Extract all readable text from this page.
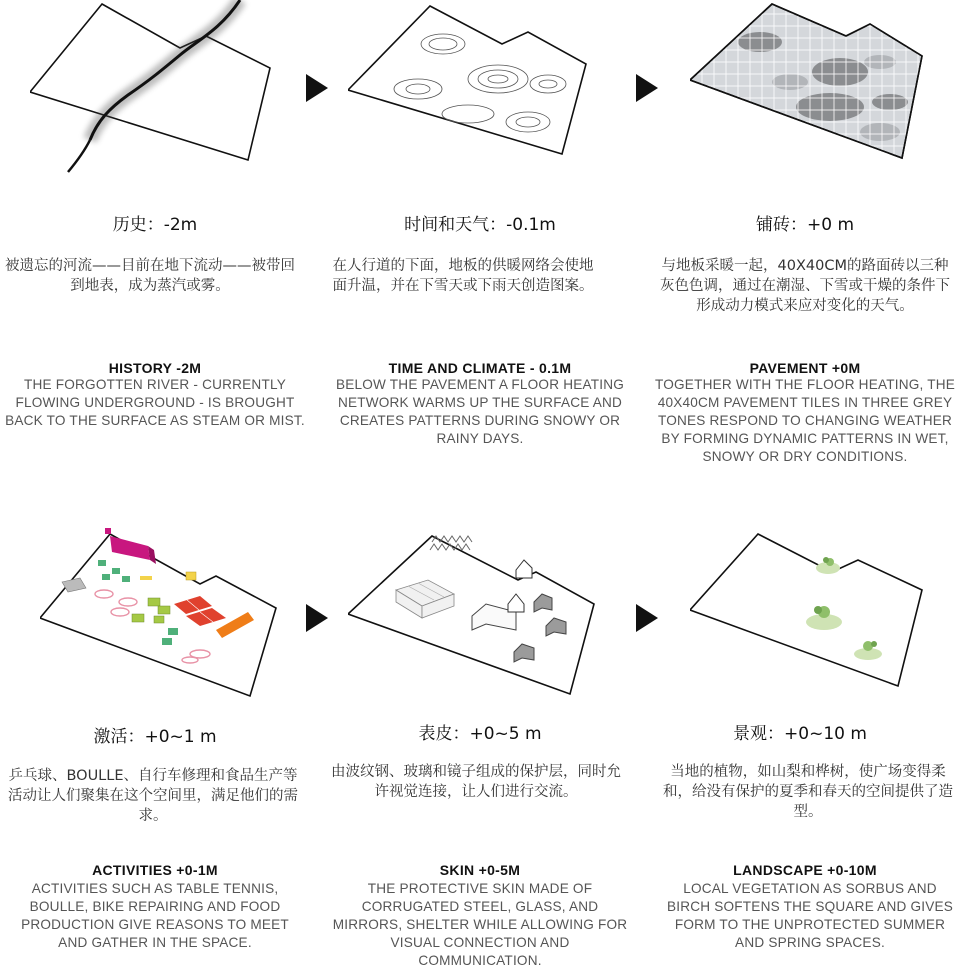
历史：-2m
被遗忘的河流——目前在地下流动——被带回到地表，成为蒸汽或雾。
HISTORY -2M
THE FORGOTTEN RIVER - CURRENTLY FLOWING UNDERGROUND - IS BROUGHT BACK TO THE SURFACE AS STEAM OR MIST.
时间和天气：-0.1m
在人行道的下面，地板的供暖网络会使地面升温，并在下雪天或下雨天创造图案。
TIME AND CLIMATE - 0.1M
BELOW THE PAVEMENT A FLOOR HEATING NETWORK WARMS UP THE SURFACE AND CREATES PATTERNS DURING SNOWY OR RAINY DAYS.
铺砖：+0 m
与地板采暖一起，40X40CM的路面砖以三种灰色色调，通过在潮湿、下雪或干燥的条件下形成动力模式来应对变化的天气。
PAVEMENT +0M
TOGETHER WITH THE FLOOR HEATING, THE 40X40CM PAVEMENT TILES IN THREE GREY TONES RESPOND TO CHANGING WEATHER BY FORMING DYNAMIC PATTERNS IN WET, SNOWY OR DRY CONDITIONS.
激活：+0~1 m
乒乓球、BOULLE、自行车修理和食品生产等活动让人们聚集在这个空间里，满足他们的需求。
ACTIVITIES +0-1M
ACTIVITIES SUCH AS TABLE TENNIS, BOULLE, BIKE REPAIRING AND FOOD PRODUCTION GIVE REASONS TO MEET AND GATHER IN THE SPACE.
表皮：+0~5 m
由波纹钢、玻璃和镜子组成的保护层，同时允许视觉连接，让人们进行交流。
SKIN +0-5M
THE PROTECTIVE SKIN MADE OF CORRUGATED STEEL, GLASS, AND MIRRORS, SHELTER WHILE ALLOWING FOR VISUAL CONNECTION AND COMMUNICATION.
景观：+0~10 m
当地的植物，如山梨和桦树，使广场变得柔和，给没有保护的夏季和春天的空间提供了造型。
LANDSCAPE +0-10M
LOCAL VEGETATION AS SORBUS AND BIRCH SOFTENS THE SQUARE AND GIVES FORM TO THE UNPROTECTED SUMMER AND SPRING SPACES.
